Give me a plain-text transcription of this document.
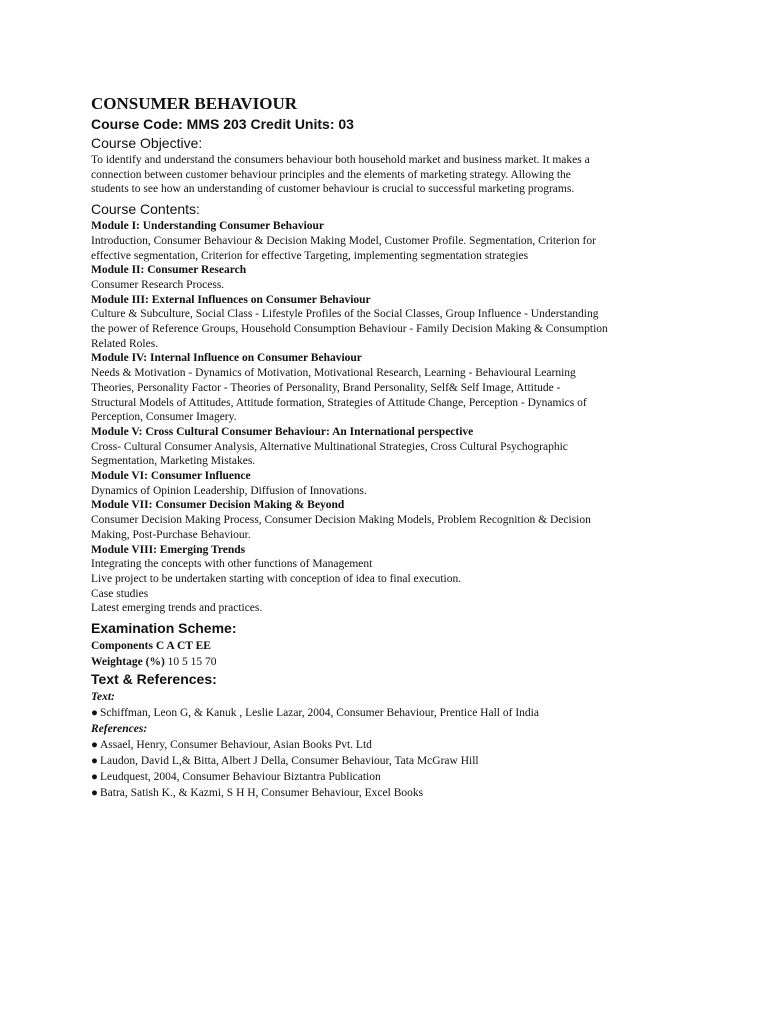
CONSUMER BEHAVIOUR

Course Code: MMS 203 Credit Units: 03

Course Objective:

To identify and understand the consumers behaviour both household market and business market. It makes a

connection between customer behaviour principles and the elements of marketing strategy. Allowing the

students to see how an understanding of customer behaviour is crucial to successful marketing programs.

Course Contents:

Module I: Understanding Consumer Behaviour

Introduction, Consumer Behaviour & Decision Making Model, Customer Profile. Segmentation, Criterion for

effective segmentation, Criterion for effective Targeting, implementing segmentation strategies

Module II: Consumer Research

Consumer Research Process.

Module III: External Influences on Consumer Behaviour

Culture & Subculture, Social Class - Lifestyle Profiles of the Social Classes, Group Influence - Understanding

the power of Reference Groups, Household Consumption Behaviour - Family Decision Making & Consumption

Related Roles.

Module IV: Internal Influence on Consumer Behaviour

Needs & Motivation - Dynamics of Motivation, Motivational Research, Learning - Behavioural Learning

Theories, Personality Factor - Theories of Personality, Brand Personality, Self& Self Image, Attitude -

Structural Models of Attitudes, Attitude formation, Strategies of Attitude Change, Perception - Dynamics of

Perception, Consumer Imagery.

Module V: Cross Cultural Consumer Behaviour: An International perspective

Cross- Cultural Consumer Analysis, Alternative Multinational Strategies, Cross Cultural Psychographic

Segmentation, Marketing Mistakes.

Module VI: Consumer Influence

Dynamics of Opinion Leadership, Diffusion of Innovations.

Module VII: Consumer Decision Making & Beyond

Consumer Decision Making Process, Consumer Decision Making Models, Problem Recognition & Decision

Making, Post-Purchase Behaviour.

Module VIII: Emerging Trends

Integrating the concepts with other functions of Management

Live project to be undertaken starting with conception of idea to final execution.

Case studies

Latest emerging trends and practices.

Examination Scheme:

Components C A CT EE

Weightage (%) 10 5 15 70

Text & References:

Text:

● Schiffman, Leon G, & Kanuk , Leslie Lazar, 2004, Consumer Behaviour, Prentice Hall of India

References:

● Assael, Henry, Consumer Behaviour, Asian Books Pvt. Ltd

● Laudon, David L,& Bitta, Albert J Della, Consumer Behaviour, Tata McGraw Hill

● Leudquest, 2004, Consumer Behaviour Biztantra Publication

● Batra, Satish K., & Kazmi, S H H, Consumer Behaviour, Excel Books
